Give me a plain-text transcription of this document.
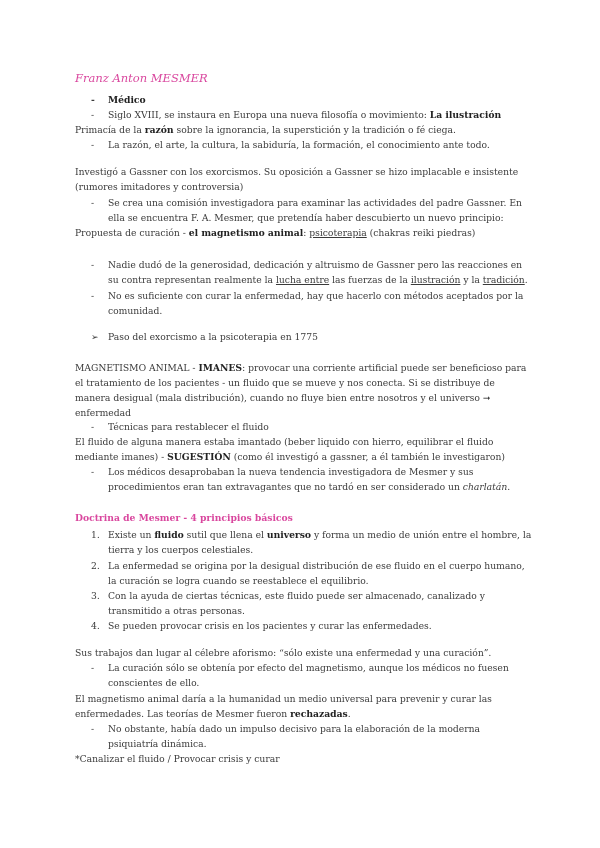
Franz Anton MESMER
- Médico
- Siglo XVIII, se instaura en Europa una nueva filosofía o movimiento: La ilustración
Primacía de la razón sobre la ignorancia, la superstición y la tradición o fé ciega.
- La razón, el arte, la cultura, la sabiduría, la formación, el conocimiento ante todo.
Investigó a Gassner con los exorcismos. Su oposición a Gassner se hizo implacable e insistente
(rumores imitadores y controversia)
- Se crea una comisión investigadora para examinar las actividades del padre Gassner. En
ella se encuentra F. A. Mesmer, que pretendía haber descubierto un nuevo principio:
Propuesta de curación - el magnetismo animal: psicoterapia (chakras reiki piedras)
- Nadie dudó de la generosidad, dedicación y altruismo de Gassner pero las reacciones en
su contra representan realmente la lucha entre las fuerzas de la ilustración y la tradición.
- No es suficiente con curar la enfermedad, hay que hacerlo con métodos aceptados por la
comunidad.
➢ Paso del exorcismo a la psicoterapia en 1775
MAGNETISMO ANIMAL - IMANES: provocar una corriente artificial puede ser beneficioso para
el tratamiento de los pacientes - un fluido que se mueve y nos conecta. Si se distribuye de
manera desigual (mala distribución), cuando no fluye bien entre nosotros y el universo ➞
enfermedad
- Técnicas para restablecer el fluido
El fluido de alguna manera estaba imantado (beber liquido con hierro, equilibrar el fluido
mediante imanes) - SUGESTIÓN (como él investigó a gassner, a él también le investigaron)
- Los médicos desaprobaban la nueva tendencia investigadora de Mesmer y sus
procedimientos eran tan extravagantes que no tardó en ser considerado un charlatán.
Doctrina de Mesmer - 4 principios básicos
1. Existe un fluido sutil que llena el universo y forma un medio de unión entre el hombre, la
tierra y los cuerpos celestiales.
2. La enfermedad se origina por la desigual distribución de ese fluido en el cuerpo humano,
la curación se logra cuando se reestablece el equilibrio.
3. Con la ayuda de ciertas técnicas, este fluido puede ser almacenado, canalizado y
transmitido a otras personas.
4. Se pueden provocar crisis en los pacientes y curar las enfermedades.
Sus trabajos dan lugar al célebre aforismo: “sólo existe una enfermedad y una curación”.
- La curación sólo se obtenía por efecto del magnetismo, aunque los médicos no fuesen
conscientes de ello.
El magnetismo animal daría a la humanidad un medio universal para prevenir y curar las
enfermedades. Las teorías de Mesmer fueron rechazadas.
- No obstante, había dado un impulso decisivo para la elaboración de la moderna
psiquiatría dinámica.
*Canalizar el fluido / Provocar crisis y curar
